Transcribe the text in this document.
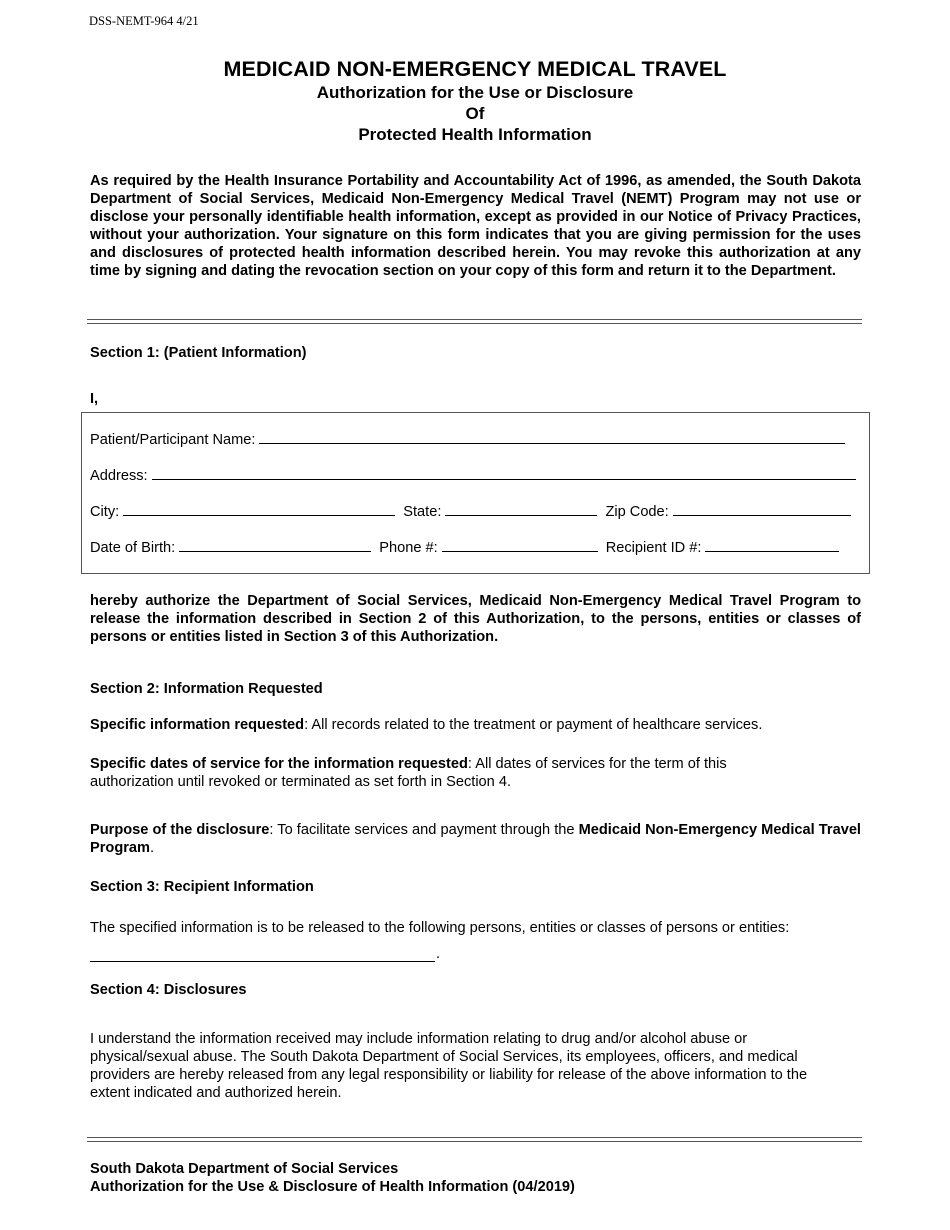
DSS-NEMT-964 4/21
MEDICAID NON-EMERGENCY MEDICAL TRAVEL
Authorization for the Use or Disclosure
Of
Protected Health Information
As required by the Health Insurance Portability and Accountability Act of 1996, as amended, the South Dakota Department of Social Services, Medicaid Non-Emergency Medical Travel (NEMT) Program may not use or disclose your personally identifiable health information, except as provided in our Notice of Privacy Practices, without your authorization. Your signature on this form indicates that you are giving permission for the uses and disclosures of protected health information described herein. You may revoke this authorization at any time by signing and dating the revocation section on your copy of this form and return it to the Department.
Section 1: (Patient Information)
I,
Patient/Participant Name:
Address:
City:	State:	Zip Code:
Date of Birth:	Phone #:	Recipient ID #:
hereby authorize the Department of Social Services, Medicaid Non-Emergency Medical Travel Program to release the information described in Section 2 of this Authorization, to the persons, entities or classes of persons or entities listed in Section 3 of this Authorization.
Section 2: Information Requested
Specific information requested: All records related to the treatment or payment of healthcare services.
Specific dates of service for the information requested: All dates of services for the term of this authorization until revoked or terminated as set forth in Section 4.
Purpose of the disclosure: To facilitate services and payment through the Medicaid Non-Emergency Medical Travel Program.
Section 3: Recipient Information
The specified information is to be released to the following persons, entities or classes of persons or entities:
.
Section 4: Disclosures
I understand the information received may include information relating to drug and/or alcohol abuse or physical/sexual abuse. The South Dakota Department of Social Services, its employees, officers, and medical providers are hereby released from any legal responsibility or liability for release of the above information to the extent indicated and authorized herein.
South Dakota Department of Social Services
Authorization for the Use & Disclosure of Health Information (04/2019)
